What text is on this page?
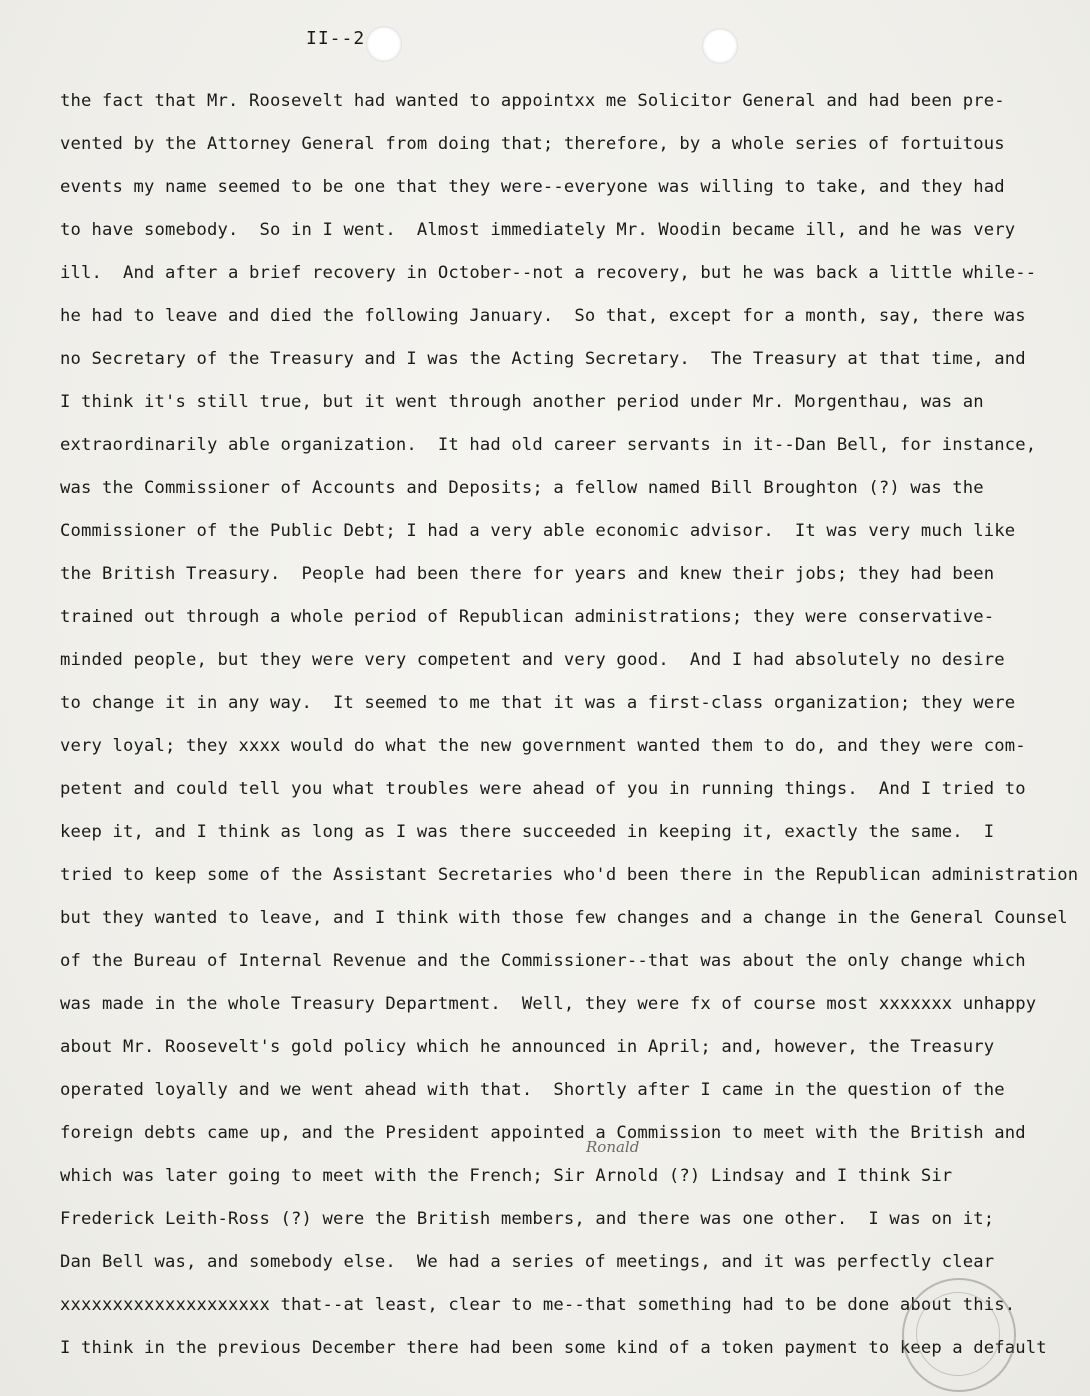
II--2
the fact that Mr. Roosevelt had wanted to appointxx me Solicitor General and had been pre-
vented by the Attorney General from doing that; therefore, by a whole series of fortuitous
events my name seemed to be one that they were--everyone was willing to take, and they had
to have somebody.  So in I went.  Almost immediately Mr. Woodin became ill, and he was very
ill.  And after a brief recovery in October--not a recovery, but he was back a little while--
he had to leave and died the following January.  So that, except for a month, say, there was
no Secretary of the Treasury and I was the Acting Secretary.  The Treasury at that time, and
I think it's still true, but it went through another period under Mr. Morgenthau, was an
extraordinarily able organization.  It had old career servants in it--Dan Bell, for instance,
was the Commissioner of Accounts and Deposits; a fellow named Bill Broughton (?) was the
Commissioner of the Public Debt; I had a very able economic advisor.  It was very much like
the British Treasury.  People had been there for years and knew their jobs; they had been
trained out through a whole period of Republican administrations; they were conservative-
minded people, but they were very competent and very good.  And I had absolutely no desire
to change it in any way.  It seemed to me that it was a first-class organization; they were
very loyal; they xxxx would do what the new government wanted them to do, and they were com-
petent and could tell you what troubles were ahead of you in running things.  And I tried to
keep it, and I think as long as I was there succeeded in keeping it, exactly the same.  I
tried to keep some of the Assistant Secretaries who'd been there in the Republican administration
but they wanted to leave, and I think with those few changes and a change in the General Counsel
of the Bureau of Internal Revenue and the Commissioner--that was about the only change which
was made in the whole Treasury Department.  Well, they were fx of course most xxxxxxx unhappy
about Mr. Roosevelt's gold policy which he announced in April; and, however, the Treasury
operated loyally and we went ahead with that.  Shortly after I came in the question of the
foreign debts came up, and the President appointed a Commission to meet with the British and
which was later going to meet with the French; Sir Arnold (?) Lindsay and I think Sir
Frederick Leith-Ross (?) were the British members, and there was one other.  I was on it;
Dan Bell was, and somebody else.  We had a series of meetings, and it was perfectly clear
xxxxxxxxxxxxxxxxxxxx that--at least, clear to me--that something had to be done about this.
I think in the previous December there had been some kind of a token payment to keep a default
Ronald
